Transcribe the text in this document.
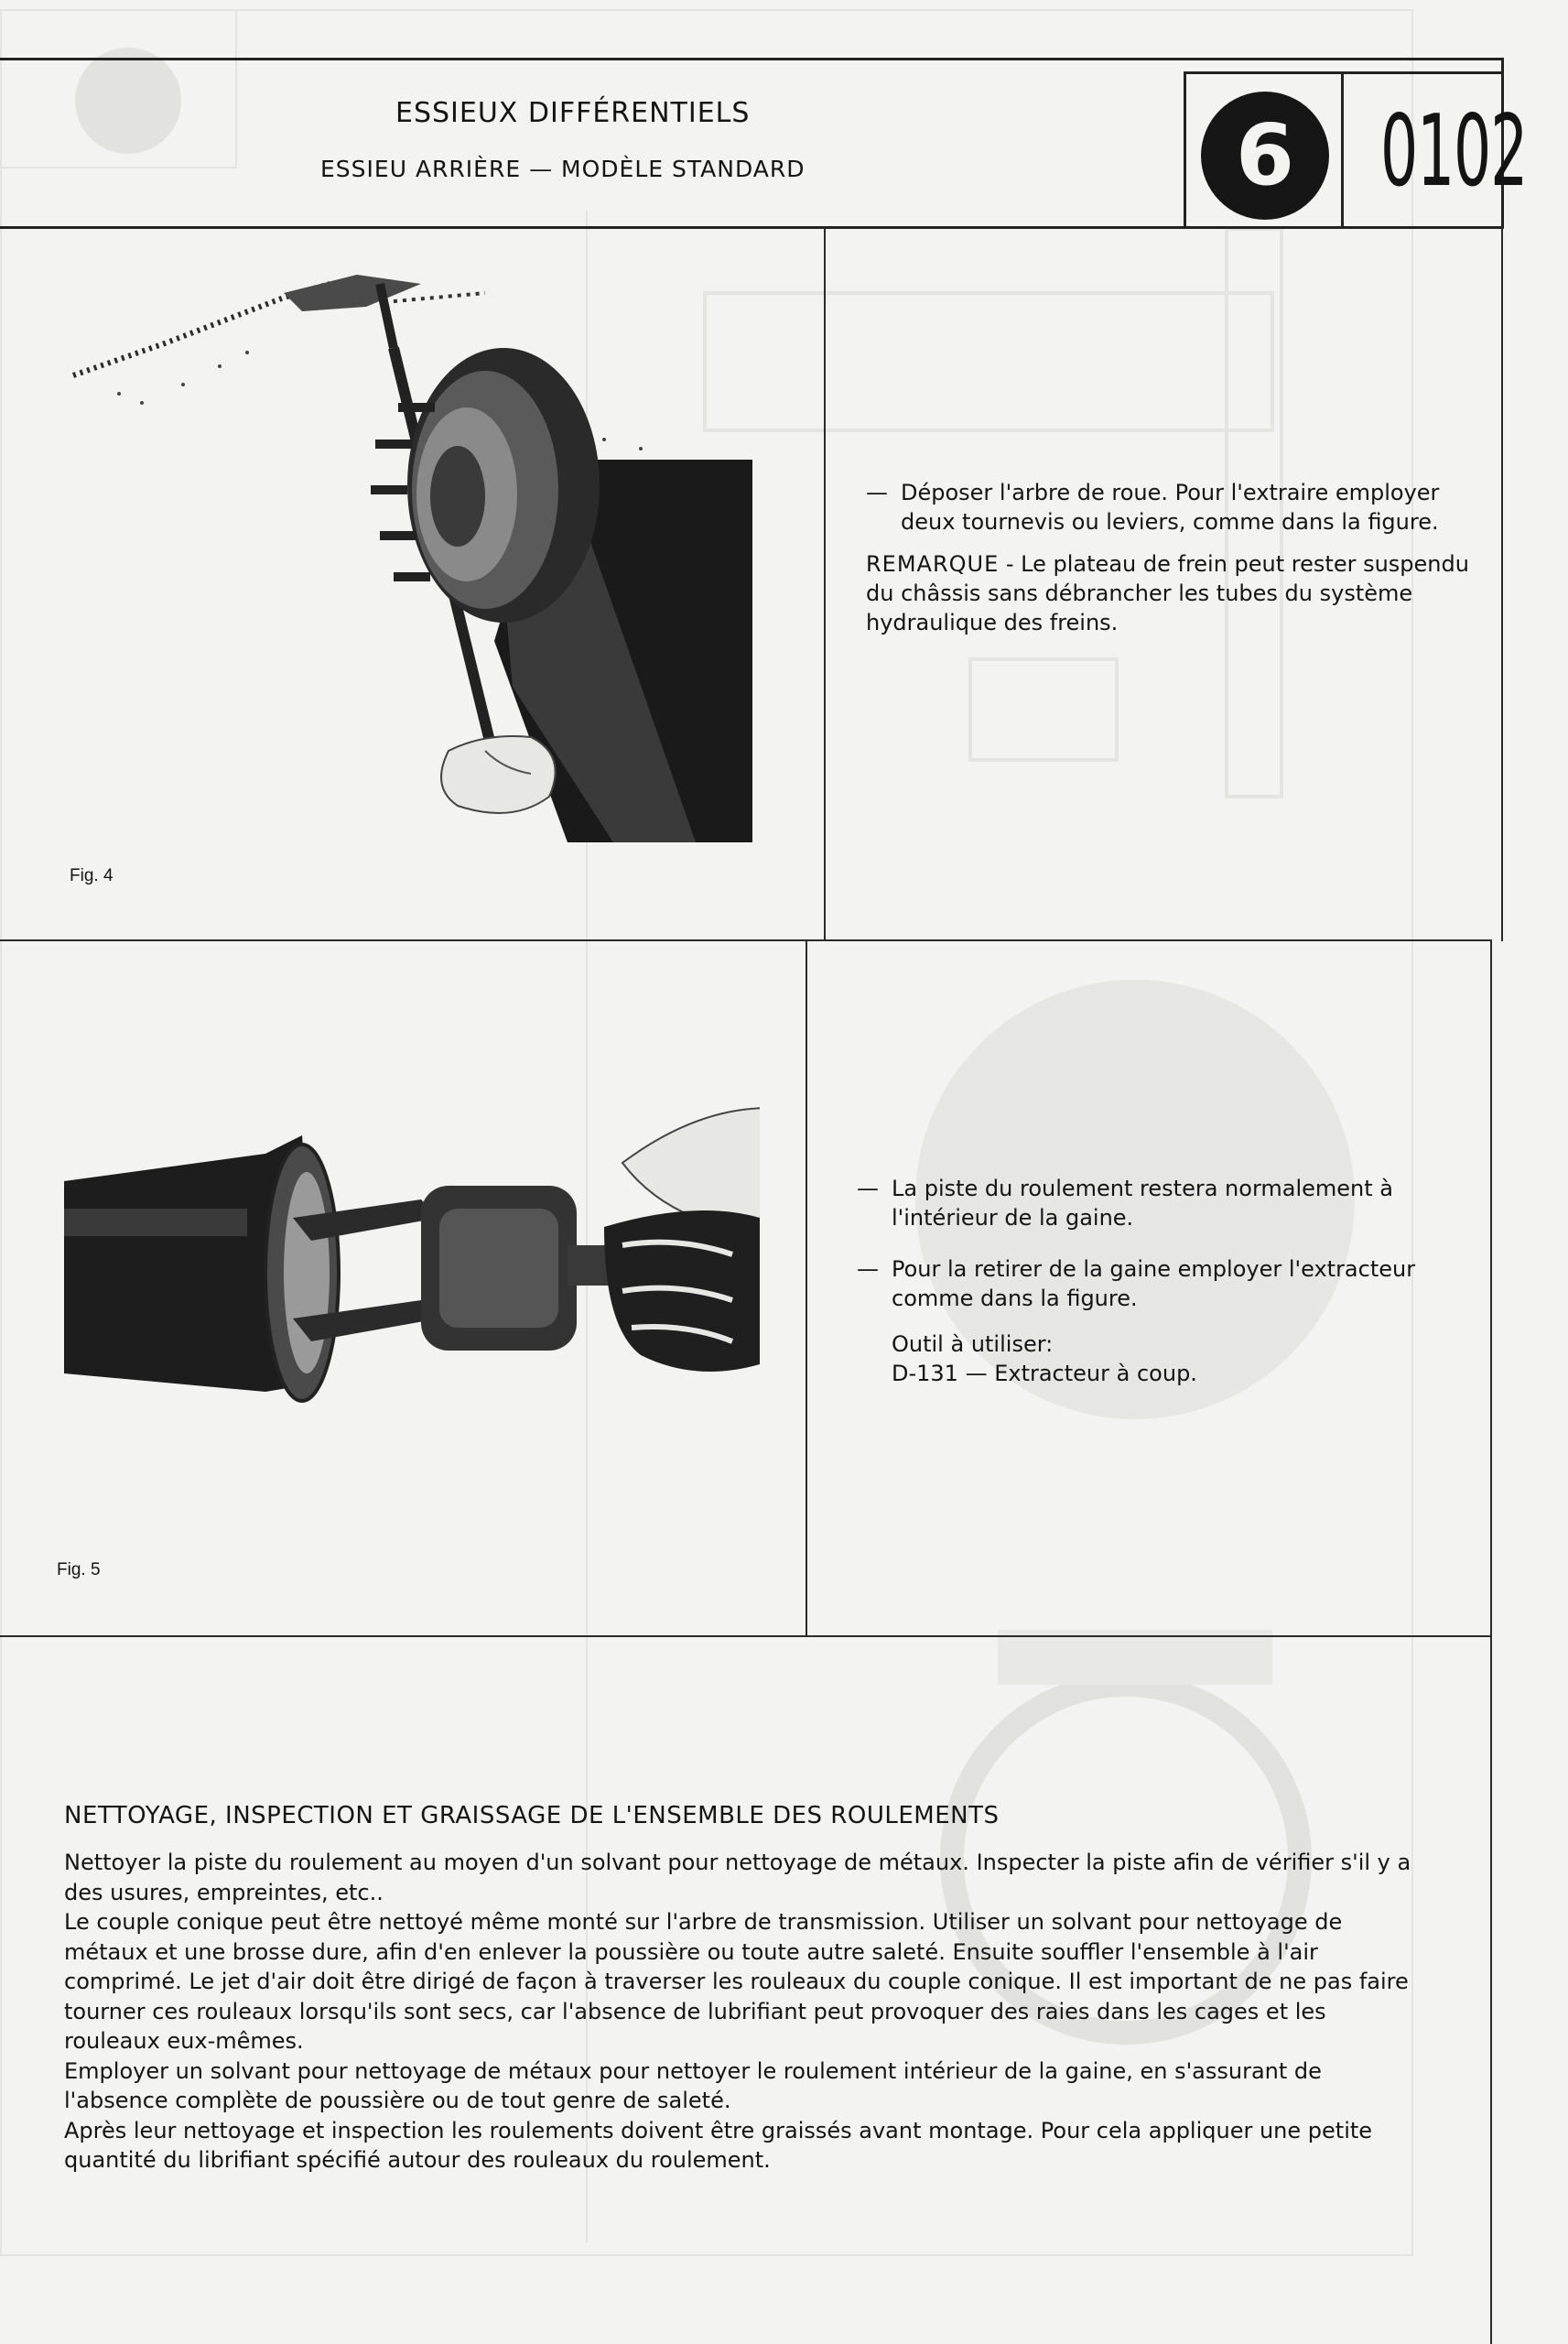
ESSIEUX DIFFÉRENTIELS
ESSIEU ARRIÈRE — MODÈLE STANDARD	6 0102
Fig. 4

— Déposer l'arbre de roue. Pour l'extraire employer deux tournevis ou leviers, comme dans la figure.

REMARQUE - Le plateau de frein peut rester suspendu du châssis sans débrancher les tubes du système hydraulique des freins.

Fig. 5

— La piste du roulement restera normalement à l'intérieur de la gaine.

— Pour la retirer de la gaine employer l'extracteur comme dans la figure.

Outil à utiliser:

D-131 — Extracteur à coup.

NETTOYAGE, INSPECTION ET GRAISSAGE DE L'ENSEMBLE DES ROULEMENTS

Nettoyer la piste du roulement au moyen d'un solvant pour nettoyage de métaux. Inspecter la piste afin de vérifier s'il y a des usures, empreintes, etc..

Le couple conique peut être nettoyé même monté sur l'arbre de transmission. Utiliser un solvant pour nettoyage de métaux et une brosse dure, afin d'en enlever la poussière ou toute autre saleté. Ensuite souffler l'ensemble à l'air comprimé. Le jet d'air doit être dirigé de façon à traverser les rouleaux du couple conique. Il est important de ne pas faire tourner ces rouleaux lorsqu'ils sont secs, car l'absence de lubrifiant peut provoquer des raies dans les cages et les rouleaux eux-mêmes.

Employer un solvant pour nettoyage de métaux pour nettoyer le roulement intérieur de la gaine, en s'assurant de l'absence complète de poussière ou de tout genre de saleté.

Après leur nettoyage et inspection les roulements doivent être graissés avant montage. Pour cela appliquer une petite quantité du librifiant spécifié autour des rouleaux du roulement.
